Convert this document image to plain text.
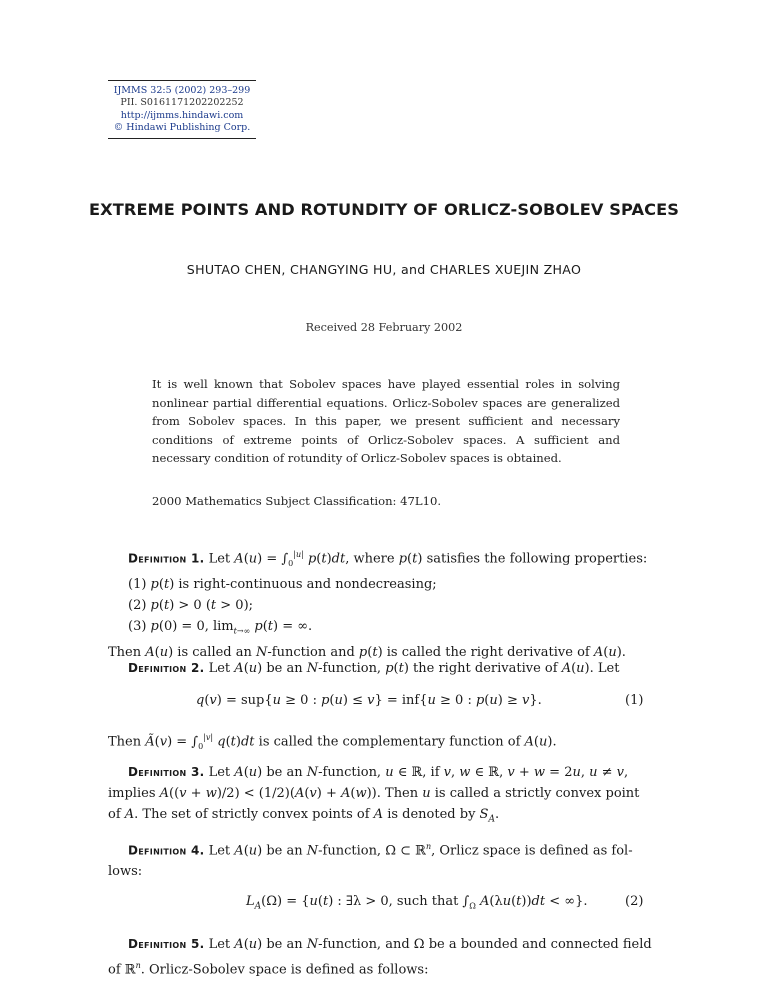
IJMMS 32:5 (2002) 293–299
PII. S0161171202202252
http://ijmms.hindawi.com
© Hindawi Publishing Corp.
EXTREME POINTS AND ROTUNDITY OF ORLICZ-SOBOLEV SPACES
SHUTAO CHEN, CHANGYING HU, and CHARLES XUEJIN ZHAO
Received 28 February 2002
It is well known that Sobolev spaces have played essential roles in solving nonlinear partial differential equations. Orlicz-Sobolev spaces are generalized from Sobolev spaces. In this paper, we present sufficient and necessary conditions of extreme points of Orlicz-Sobolev spaces. A sufficient and necessary condition of rotundity of Orlicz-Sobolev spaces is obtained.
2000 Mathematics Subject Classification: 47L10.
Definition 1. Let $A(u) = \int_0^{|u|}$ p(t)dt, where p(t) satisfies the following properties:
(1) p(t) is right-continuous and nondecreasing;
(2) p(t) > 0 (t > 0);
(3) p(0) = 0, $\lim_{t\to\infty} p(t)$ = ∞.
Then A(u) is called an N-function and p(t) is called the right derivative of A(u).
Definition 2. Let A(u) be an N-function, p(t) the right derivative of A(u). Let
q(v) = sup{u ≥ 0 : p(u) ≤ v} = inf{u ≥ 0 : p(u) ≥ v}.	(1)
Then Ã(v) = $\int_0^{|v|}$ q(t)dt is called the complementary function of A(u).
Definition 3. Let A(u) be an N-function, u ∈ ℝ, if v, w ∈ ℝ, v + w = 2u, u ≠ v,
implies A((v + w)/2) < (1/2)(A(v) + A(w)). Then u is called a strictly convex point
of A. The set of strictly convex points of A is denoted by $S_A$.
Definition 4. Let A(u) be an N-function, Ω ⊂ ℝ$^n$, Orlicz space is defined as fol-
lows:
$L_A(\Omega) = \{u(t)$ : ∃λ > 0, such that $\int_\Omega$ A(λu(t))dt < ∞}.	(2)
Definition 5. Let A(u) be an N-function, and Ω be a bounded and connected field
of ℝ$^n$. Orlicz-Sobolev space is defined as follows:
